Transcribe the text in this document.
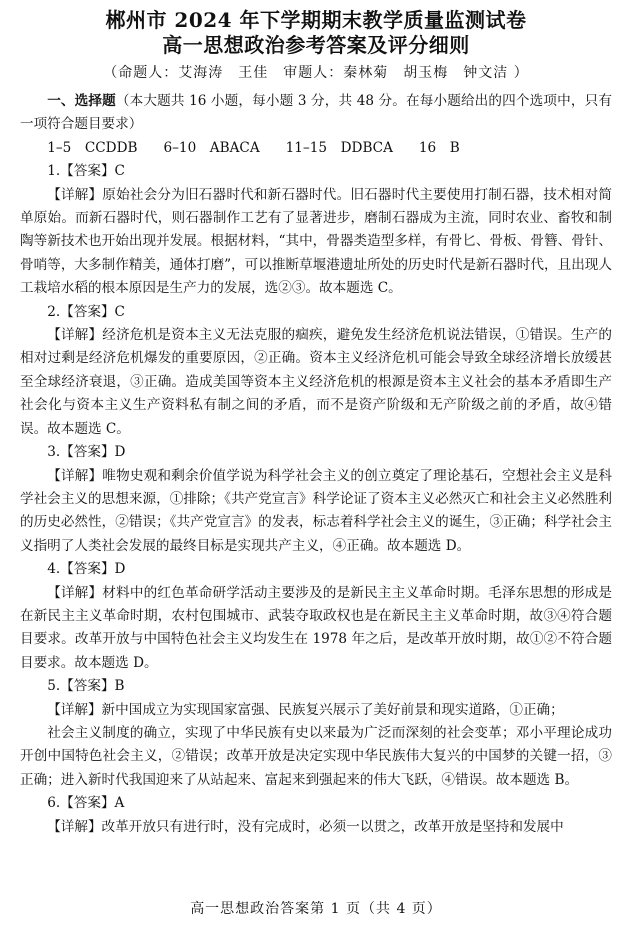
郴州市 2024 年下学期期末教学质量监测试卷
高一思想政治参考答案及评分细则
（命题人：艾海涛　王佳　审题人：秦林菊　胡玉梅　钟文洁 ）

一、选择题（本大题共 16 小题，每小题 3 分，共 48 分。在每小题给出的四个选项中，只有一项符合题目要求）

1–5　CCDDB 6–10　ABACA 11–15　DDBCA 16　B

1.【答案】C

【详解】原始社会分为旧石器时代和新石器时代。旧石器时代主要使用打制石器，技术相对简单原始。而新石器时代，则石器制作工艺有了显著进步，磨制石器成为主流，同时农业、畜牧和制陶等新技术也开始出现并发展。根据材料，“其中，骨器类造型多样，有骨匕、骨板、骨簪、骨针、骨哨等，大多制作精美，通体打磨”，可以推断草堰港遗址所处的历史时代是新石器时代，且出现人工栽培水稻的根本原因是生产力的发展，选②③。故本题选 C。

2.【答案】C

【详解】经济危机是资本主义无法克服的痼疾，避免发生经济危机说法错误，①错误。生产的相对过剩是经济危机爆发的重要原因，②正确。资本主义经济危机可能会导致全球经济增长放缓甚至全球经济衰退，③正确。造成美国等资本主义经济危机的根源是资本主义社会的基本矛盾即生产社会化与资本主义生产资料私有制之间的矛盾，而不是资产阶级和无产阶级之前的矛盾，故④错误。故本题选 C。

3.【答案】D

【详解】唯物史观和剩余价值学说为科学社会主义的创立奠定了理论基石，空想社会主义是科学社会主义的思想来源，①排除；《共产党宣言》科学论证了资本主义必然灭亡和社会主义必然胜利的历史必然性，②错误；《共产党宣言》的发表，标志着科学社会主义的诞生，③正确；科学社会主义指明了人类社会发展的最终目标是实现共产主义，④正确。故本题选 D。

4.【答案】D

【详解】材料中的红色革命研学活动主要涉及的是新民主主义革命时期。毛泽东思想的形成是在新民主主义革命时期，农村包围城市、武装夺取政权也是在新民主主义革命时期，故③④符合题目要求。改革开放与中国特色社会主义均发生在 1978 年之后，是改革开放时期，故①②不符合题目要求。故本题选 D。

5.【答案】B

【详解】新中国成立为实现国家富强、民族复兴展示了美好前景和现实道路，①正确；

社会主义制度的确立，实现了中华民族有史以来最为广泛而深刻的社会变革；邓小平理论成功开创中国特色社会主义，②错误；改革开放是决定实现中华民族伟大复兴的中国梦的关键一招，③正确；进入新时代我国迎来了从站起来、富起来到强起来的伟大飞跃，④错误。故本题选 B。

6.【答案】A

【详解】改革开放只有进行时，没有完成时，必须一以贯之，改革开放是坚持和发展中

高一思想政治答案第 1 页（共 4 页）
